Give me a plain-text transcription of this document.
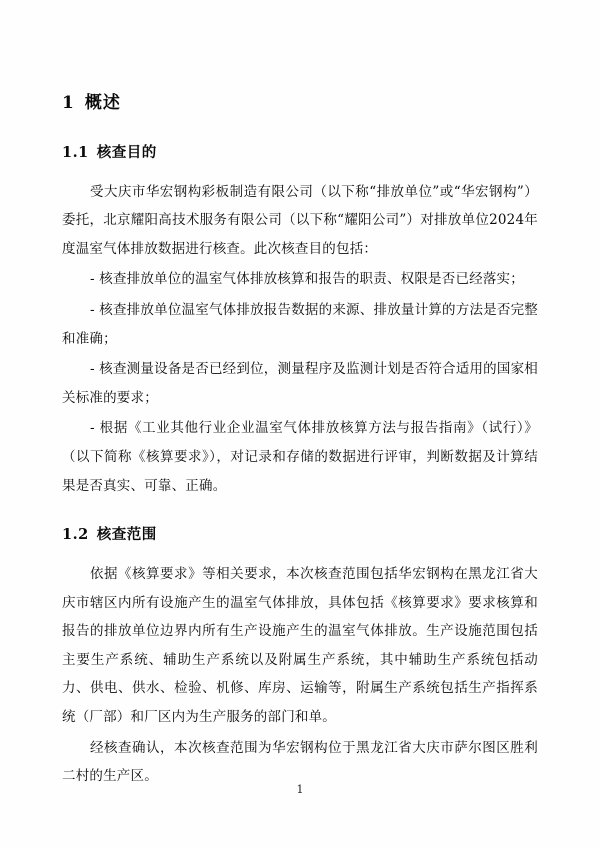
1 概述
1.1 核查目的

受大庆市华宏钢构彩板制造有限公司（以下称“排放单位”或“华宏钢构”）委托，北京耀阳高技术服务有限公司（以下称“耀阳公司”）对排放单位2024年度温室气体排放数据进行核查。此次核查目的包括：

- 核查排放单位的温室气体排放核算和报告的职责、权限是否已经落实；

- 核查排放单位温室气体排放报告数据的来源、排放量计算的方法是否完整和准确；

- 核查测量设备是否已经到位，测量程序及监测计划是否符合适用的国家相关标准的要求；

- 根据《工业其他行业企业温室气体排放核算方法与报告指南》（试行）》（以下简称《核算要求》），对记录和存储的数据进行评审，判断数据及计算结果是否真实、可靠、正确。

1.2 核查范围

依据《核算要求》等相关要求，本次核查范围包括华宏钢构在黑龙江省大庆市辖区内所有设施产生的温室气体排放，具体包括《核算要求》要求核算和报告的排放单位边界内所有生产设施产生的温室气体排放。生产设施范围包括主要生产系统、辅助生产系统以及附属生产系统，其中辅助生产系统包括动力、供电、供水、检验、机修、库房、运输等，附属生产系统包括生产指挥系统（厂部）和厂区内为生产服务的部门和单。

经核查确认，本次核查范围为华宏钢构位于黑龙江省大庆市萨尔图区胜利二村的生产区。

1
